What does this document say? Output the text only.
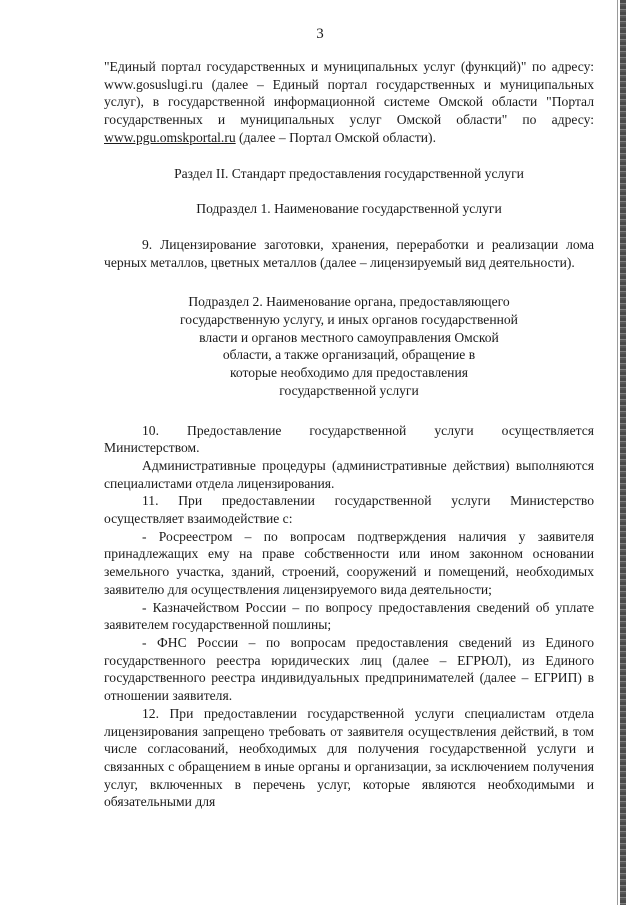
3

"Единый портал государственных и муниципальных услуг (функций)" по адресу: www.gosuslugi.ru (далее – Единый портал государственных и муниципальных услуг), в государственной информационной системе Омской области "Портал государственных и муниципальных услуг Омской области" по адресу: www.pgu.omskportal.ru (далее – Портал Омской области).

Раздел II. Стандарт предоставления государственной услуги

Подраздел 1. Наименование государственной услуги

9. Лицензирование заготовки, хранения, переработки и реализации лома черных металлов, цветных металлов (далее – лицензируемый вид деятельности).

Подраздел 2. Наименование органа, предоставляющего
государственную услугу, и иных органов государственной
власти и органов местного самоуправления Омской
области, а также организаций, обращение в
которые необходимо для предоставления
государственной услуги

10. Предоставление государственной услуги осуществляется Министерством.

Административные процедуры (административные действия) выполняются специалистами отдела лицензирования.

11. При предоставлении государственной услуги Министерство осуществляет взаимодействие с:

- Росреестром – по вопросам подтверждения наличия у заявителя принадлежащих ему на праве собственности или ином законном основании земельного участка, зданий, строений, сооружений и помещений, необходимых заявителю для осуществления лицензируемого вида деятельности;

- Казначейством России – по вопросу предоставления сведений об уплате заявителем государственной пошлины;

- ФНС России – по вопросам предоставления сведений из Единого государственного реестра юридических лиц (далее – ЕГРЮЛ), из Единого государственного реестра индивидуальных предпринимателей (далее – ЕГРИП) в отношении заявителя.

12. При предоставлении государственной услуги специалистам отдела лицензирования запрещено требовать от заявителя осуществления действий, в том числе согласований, необходимых для получения государственной услуги и связанных с обращением в иные органы и организации, за исключением получения услуг, включенных в перечень услуг, которые являются необходимыми и обязательными для
